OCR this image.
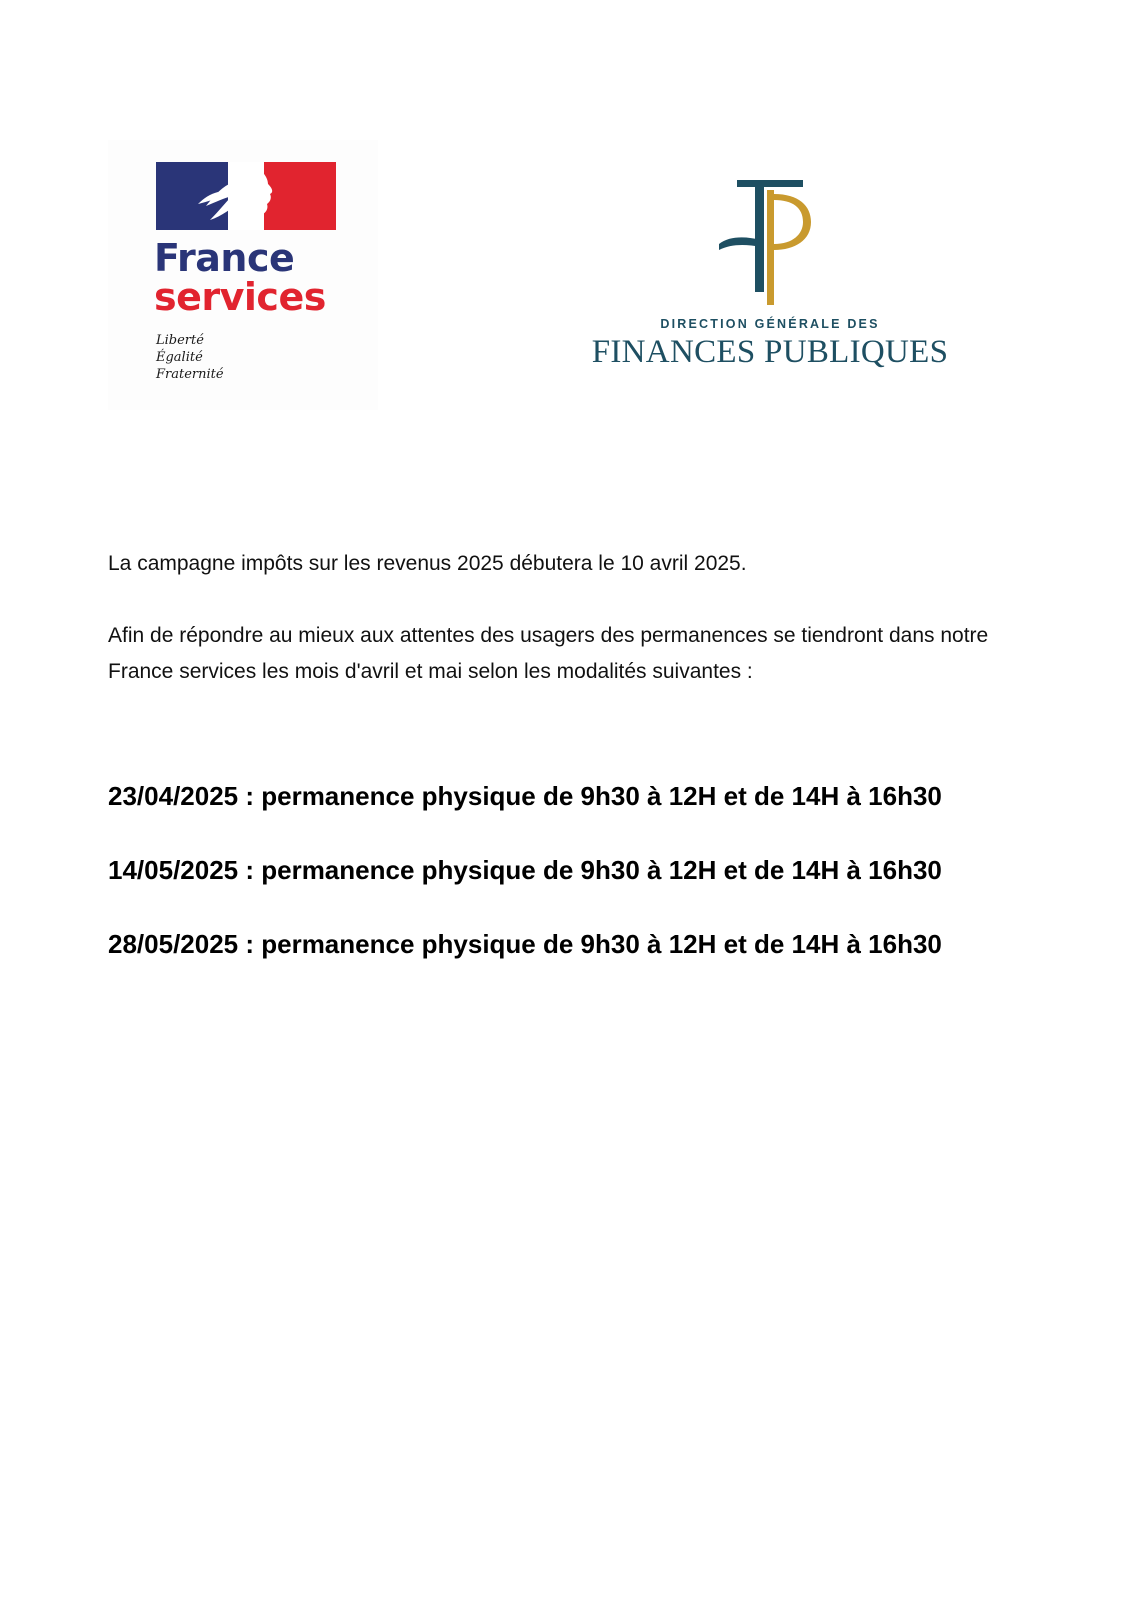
France
services
Liberté
Égalité
Fraternité
DIRECTION GÉNÉRALE DES
FINANCES PUBLIQUES
La campagne impôts sur les revenus 2025 débutera le 10 avril 2025.
Afin de répondre au mieux aux attentes des usagers des permanences se tiendront dans notre France services les mois d'avril et mai selon les modalités suivantes :
23/04/2025 : permanence physique de 9h30 à 12H et de 14H à 16h30
14/05/2025 : permanence physique de 9h30 à 12H et de 14H à 16h30
28/05/2025 : permanence physique de 9h30 à 12H et de 14H à 16h30
